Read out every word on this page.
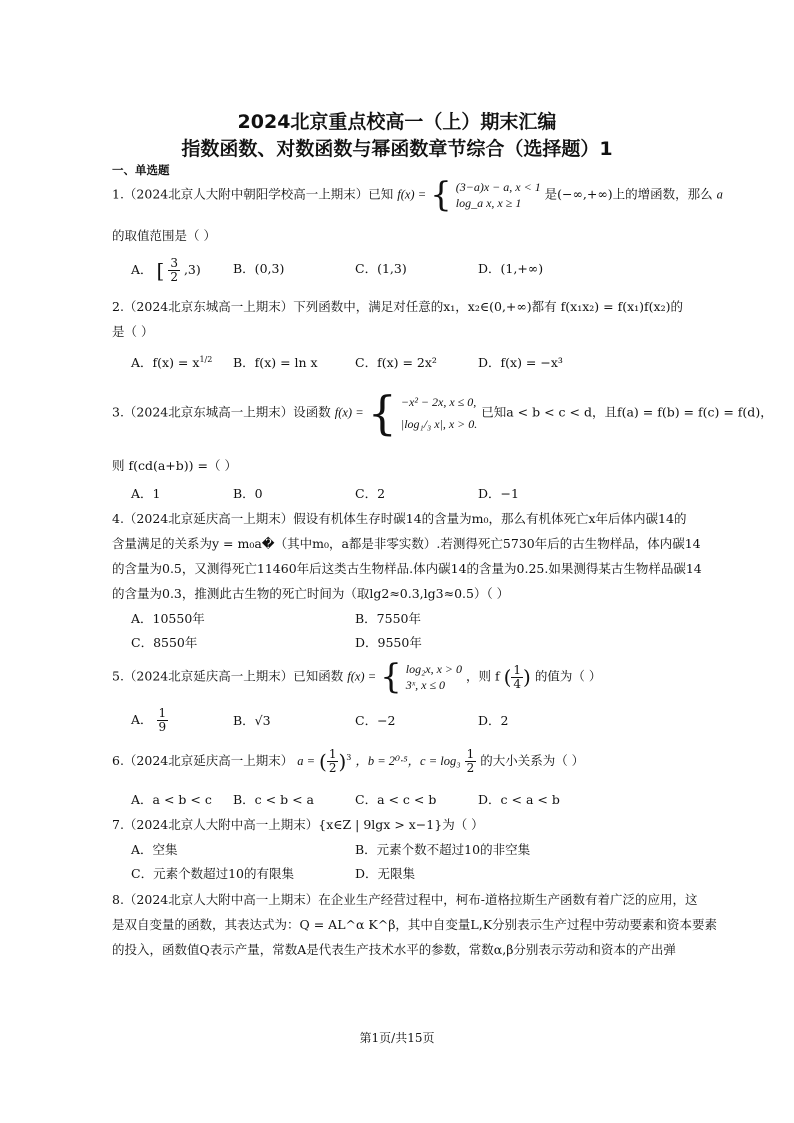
2024北京重点校高一（上）期末汇编
指数函数、对数函数与幂函数章节综合（选择题）1
一、单选题
1.（2024北京人大附中朝阳学校高一上期末）已知 f(x) = { (3−a)x − a, x < 1
log_a x, x ≥ 1 是(−∞,+∞)上的增函数，那么 a
的取值范围是（ ）
A． [ $\frac{3}{2} ,3$)	B．(0,3)	C．(1,3)	D．(1,+∞)
2.（2024北京东城高一上期末）下列函数中，满足对任意的x₁，x₂∈(0,+∞)都有 f(x₁x₂) = f(x₁)f(x₂)的
是（ ）
A．$f(x) = x^{1/2}$ B．f(x) = ln x	C．f(x) = 2x²	D．f(x) = −x³
3.（2024北京东城高一上期末）设函数 f(x) = { −x² − 2x, x ≤ 0,
|log₁/₃ x|, x > 0. 已知a < b < c < d，且f(a) = f(b) = f(c) = f(d)，
则 f(cd(a+b)) =（ ）
A．1	B．0	C．2	D．−1
4.（2024北京延庆高一上期末）假设有机体生存时碳14的含量为m₀，那么有机体死亡x年后体内碳14的
含量满足的关系为y = m₀a�（其中m₀，a都是非零实数）.若测得死亡5730年后的古生物样品，体内碳14
的含量为0.5，又测得死亡11460年后这类古生物样品.体内碳14的含量为0.25.如果测得某古生物样品碳14
的含量为0.3，推测此古生物的死亡时间为（取lg2≈0.3,lg3≈0.5）（ ）
A．10550年	B．7550年
C．8550年	D．9550年
5.（2024北京延庆高一上期末）已知函数 f(x) = { log₂x, x > 0
3ˣ, x ≤ 0 ，则 f ( $\frac{1}{4}$ ) 的值为（ ）
A． $\frac{1}{9}$	B．√3	C．−2	D．2
6.（2024北京延庆高一上期末） a = ( $\frac{1}{2} )^3$ ，b = 2⁰·⁵，$c = \log_3 \frac{1}{2}$ 的大小关系为（ ）
A．a < b < c B．c < b < a	C．a < c < b	D．c < a < b
7.（2024北京人大附中高一上期末）{x∈Z | 9lgx > x−1}为（ ）
A．空集	B．元素个数不超过10的非空集
C．元素个数超过10的有限集	D．无限集
8.（2024北京人大附中高一上期末）在企业生产经营过程中，柯布-道格拉斯生产函数有着广泛的应用，这
是双自变量的函数，其表达式为：Q = AL^α K^β，其中自变量L,K分别表示生产过程中劳动要素和资本要素
的投入，函数值Q表示产量，常数A是代表生产技术水平的参数，常数α,β分别表示劳动和资本的产出弹
第1页/共15页
